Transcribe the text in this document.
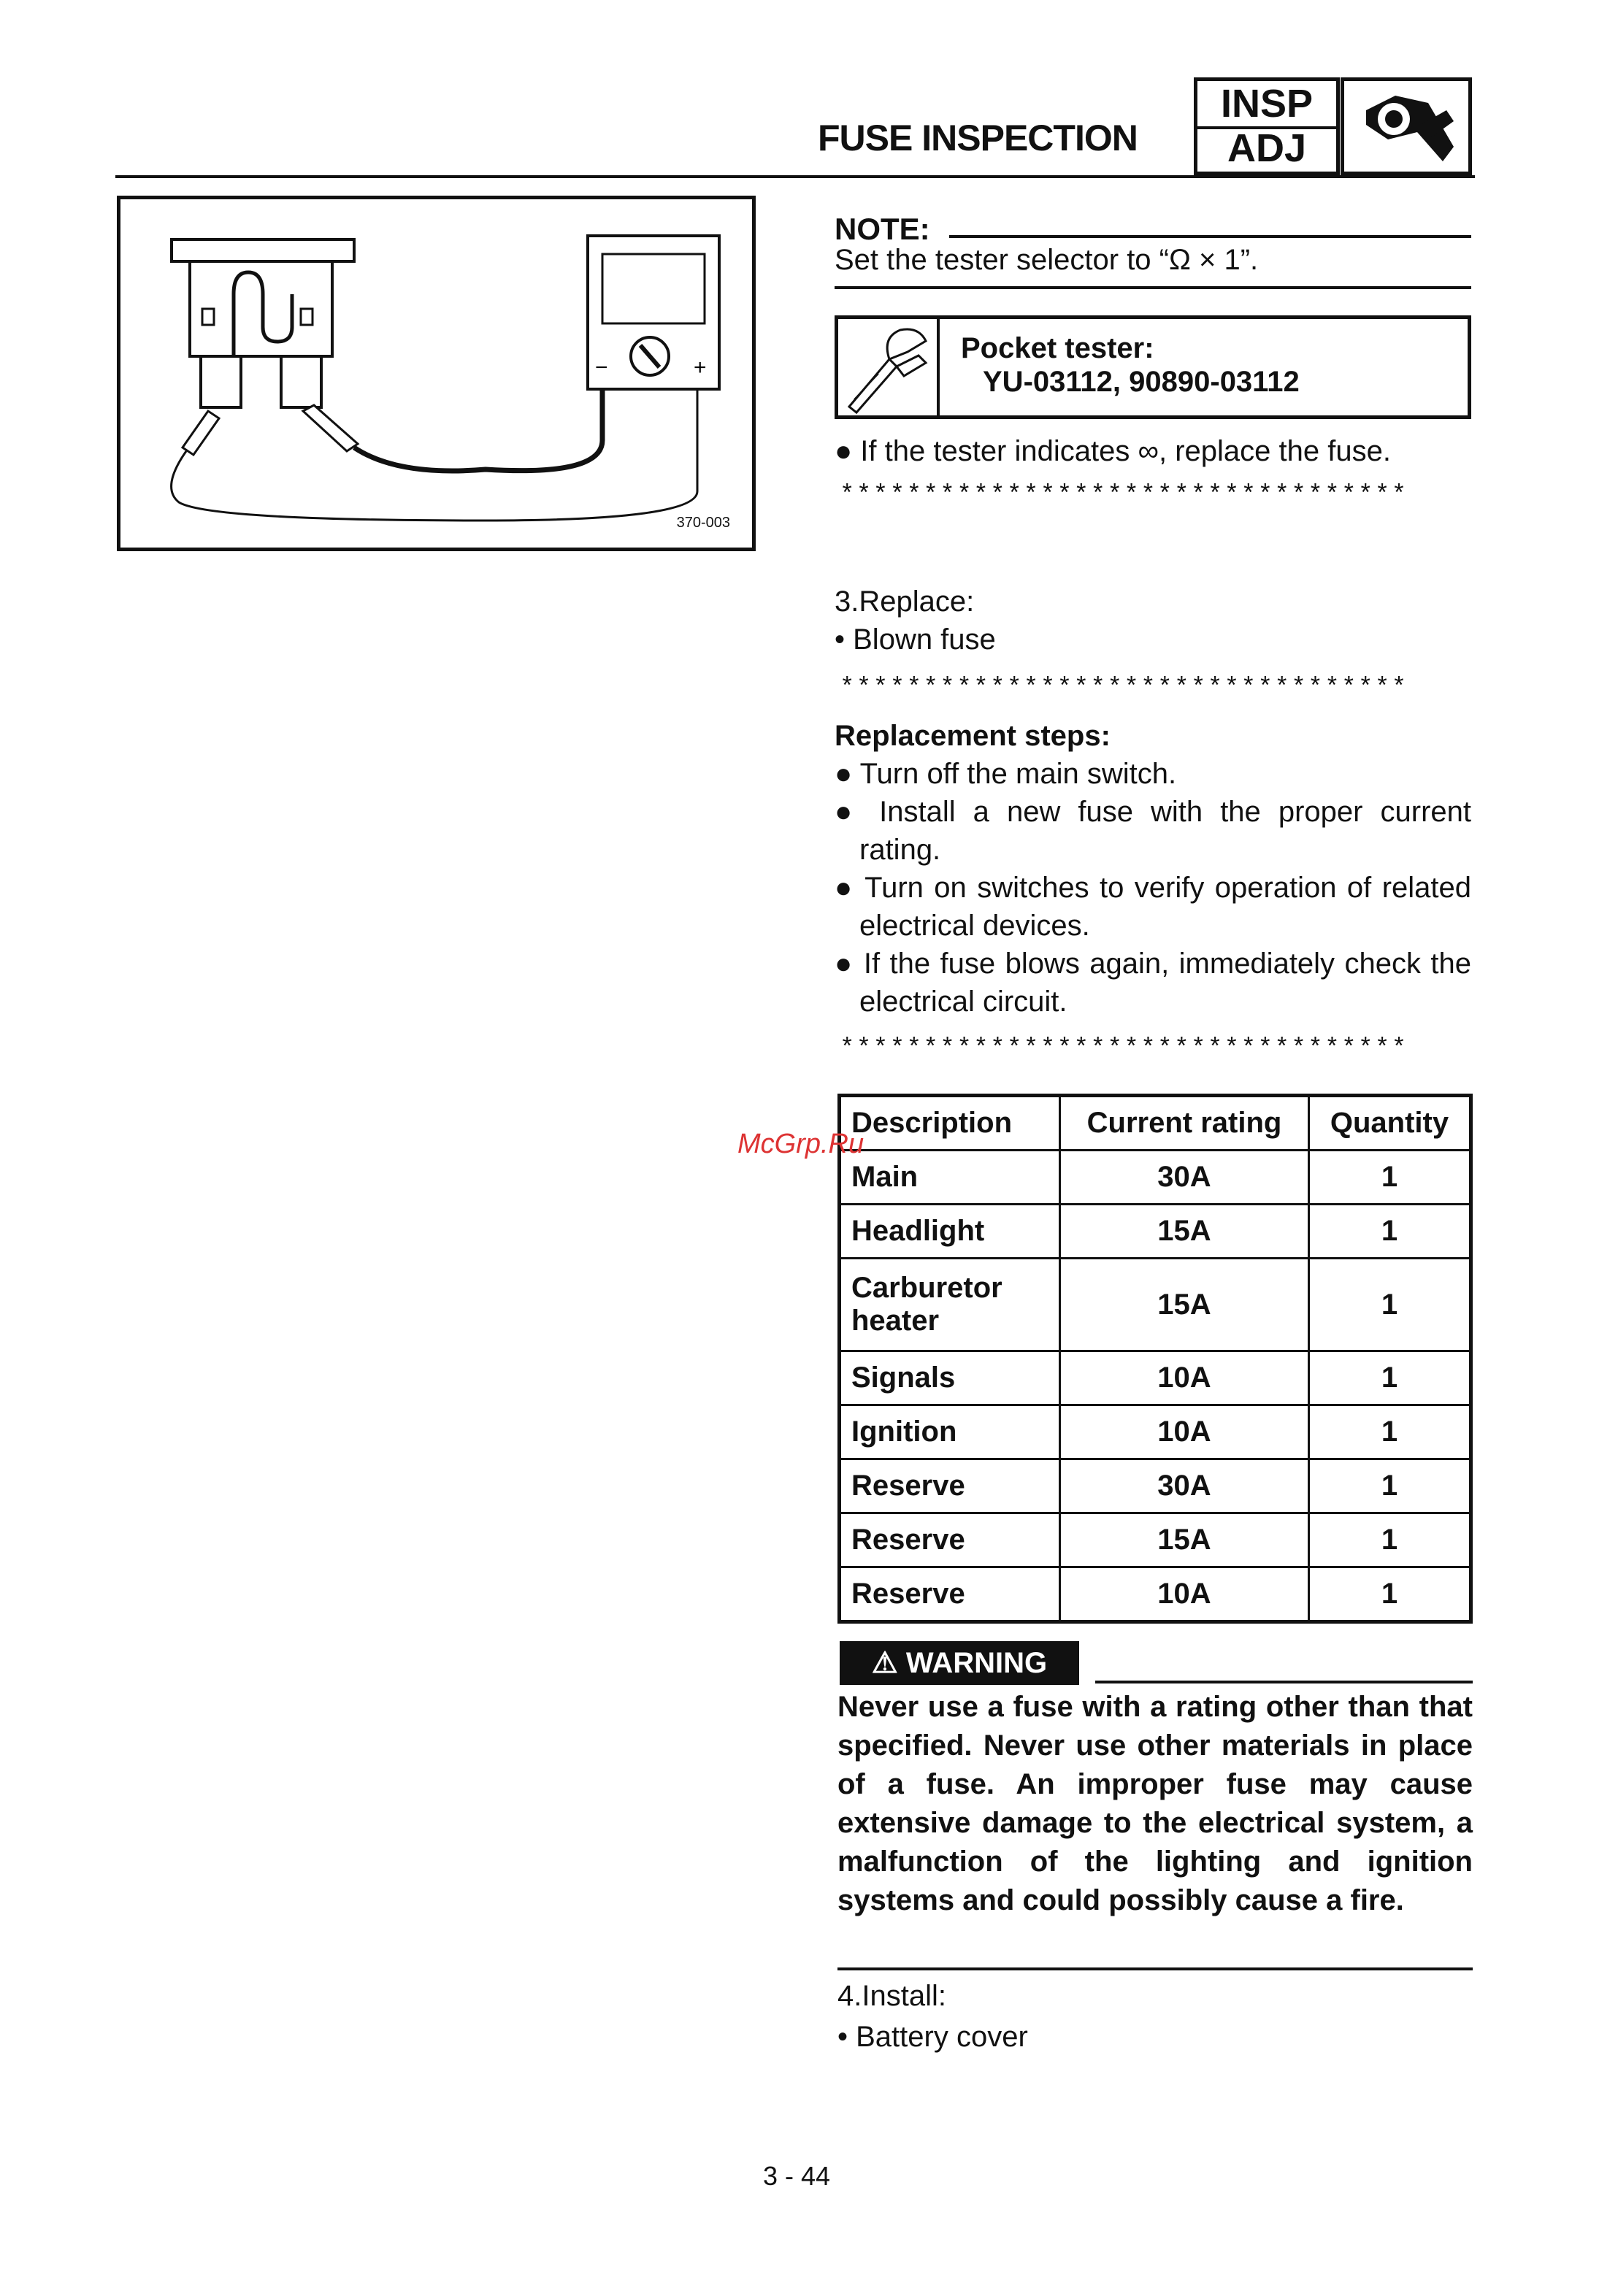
FUSE INSPECTION
INSP
ADJ
−	+
370-003
NOTE:
Set the tester selector to “Ω × 1”.
Pocket tester:
YU-03112, 90890-03112
● If the tester indicates ∞, replace the fuse.
**********************************
3.Replace:
• Blown fuse
**********************************
Replacement steps:
● Turn off the main switch.
● Install a new fuse with the proper current rating.
● Turn on switches to verify operation of related electrical devices.
● If the fuse blows again, immediately check the electrical circuit.
**********************************
Description	Current rating	Quantity
Main	30A	1
Headlight	15A	1
Carburetor heater	15A	1
Signals	10A	1
Ignition	10A	1
Reserve	30A	1
Reserve	15A	1
Reserve	10A	1
McGrp.Ru
⚠ WARNING
Never use a fuse with a rating other than that specified. Never use other materials in place of a fuse. An improper fuse may cause extensive damage to the electrical system, a malfunction of the lighting and ignition systems and could possibly cause a fire.
4.Install:
• Battery cover
3 - 44
